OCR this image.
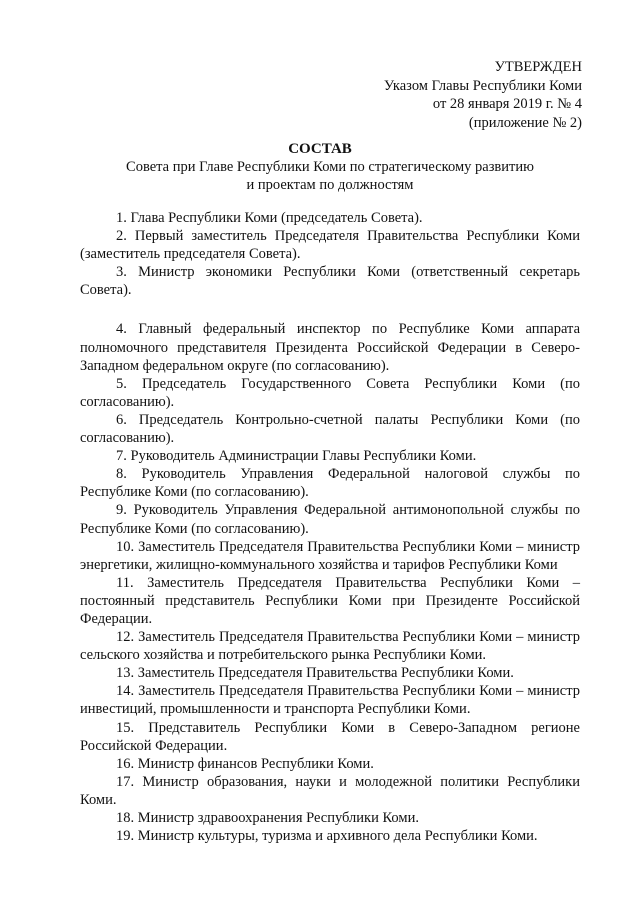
УТВЕРЖДЕН
Указом Главы Республики Коми
от 28 января 2019 г. № 4
(приложение № 2)
СОСТАВ
Совета при Главе Республики Коми по стратегическому развитию
и проектам по должностям

1. Глава Республики Коми (председатель Совета).

2. Первый заместитель Председателя Правительства Республики Коми (заместитель председателя Совета).

3. Министр экономики Республики Коми (ответственный секретарь Совета).

4. Главный федеральный инспектор по Республике Коми аппарата полномочного представителя Президента Российской Федерации в Северо-Западном федеральном округе (по согласованию).

5. Председатель Государственного Совета Республики Коми (по согласованию).

6. Председатель Контрольно-счетной палаты Республики Коми (по согласованию).

7. Руководитель Администрации Главы Республики Коми.

8. Руководитель Управления Федеральной налоговой службы по Республике Коми (по согласованию).

9. Руководитель Управления Федеральной антимонопольной службы по Республике Коми (по согласованию).

10. Заместитель Председателя Правительства Республики Коми – министр энергетики, жилищно-коммунального хозяйства и тарифов Республики Коми

11. Заместитель Председателя Правительства Республики Коми – постоянный представитель Республики Коми при Президенте Российской Федерации.

12. Заместитель Председателя Правительства Республики Коми – министр сельского хозяйства и потребительского рынка Республики Коми.

13. Заместитель Председателя Правительства Республики Коми.

14. Заместитель Председателя Правительства Республики Коми – министр инвестиций, промышленности и транспорта Республики Коми.

15. Представитель Республики Коми в Северо-Западном регионе Российской Федерации.

16. Министр финансов Республики Коми.

17. Министр образования, науки и молодежной политики Республики Коми.

18. Министр здравоохранения Республики Коми.

19. Министр культуры, туризма и архивного дела Республики Коми.
